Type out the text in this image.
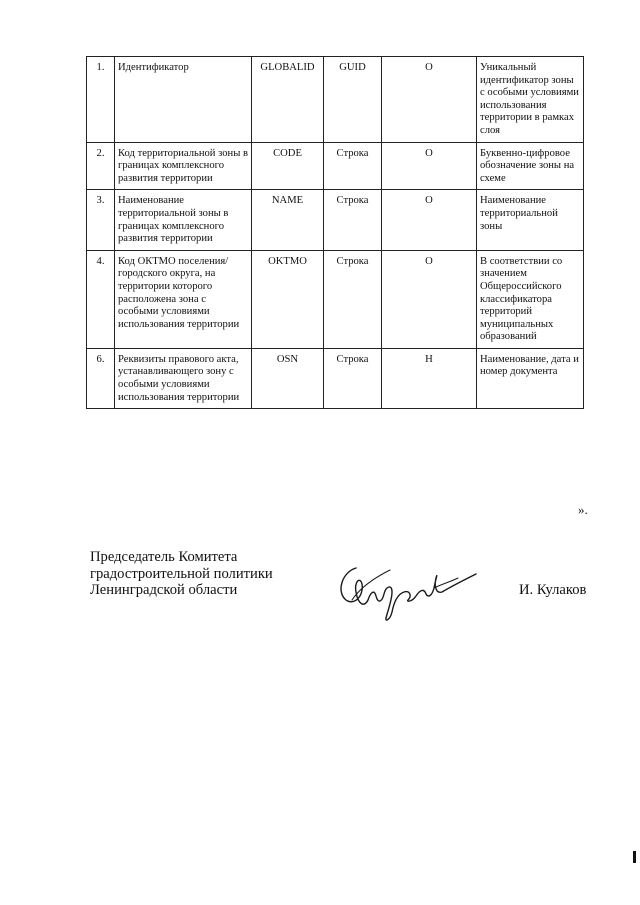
1.	Идентификатор	GLOBALID	GUID	О	Уникальный идентификатор зоны с особыми условиями использования территории в рамках слоя
2.	Код территориальной зоны в границах комплексного развития территории	CODE	Строка	О	Буквенно-цифровое обозначение зоны на схеме
3.	Наименование территориальной зоны в границах комплексного развития территории	NAME	Строка	О	Наименование территориальной зоны
4.	Код ОКТМО поселения/городского округа, на территории которого расположена зона с особыми условиями использования территории	OKTMO	Строка	О	В соответствии со значением Общероссийского классификатора территорий муниципальных образований
6.	Реквизиты правового акта, устанавливающего зону с особыми условиями использования территории	OSN	Строка	Н	Наименование, дата и номер документа
».
Председатель Комитета
градостроительной политики
Ленинградской области	И. Кулаков
